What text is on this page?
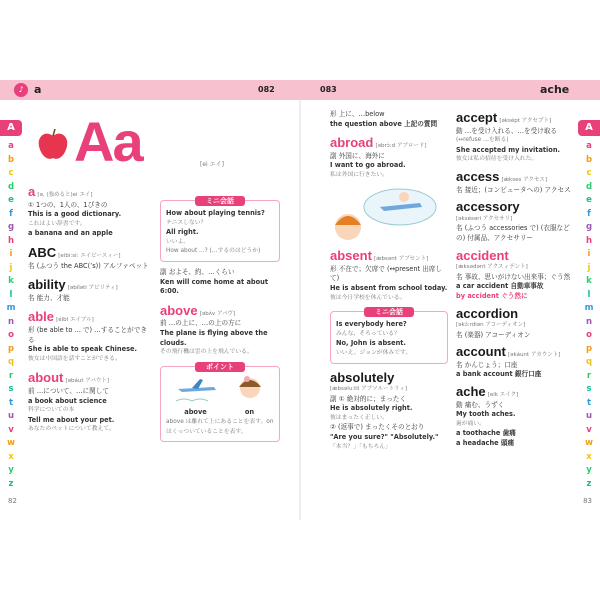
♪ a	082	083	ache
A	A
a
b
c
d
e
f
g
h
i
j
k
l
m
n
o
p
q
r
s
t
u
v
w
x
y
z
a
b
c
d
e
f
g
h
i
j
k
l
m
n
o
p
q
r
s
t
u
v
w
x
y
z
Aa	[ei エイ]
a [ə, (強めると)ei エイ]
① 1つの、1人の、1ぴきの
This is a good dictionary.
これはよい辞書です。
a banana and an apple
ABC [eibi:si: エイビースィー]
名 (ふつう the ABC(’s)) アルファベット
ability [əbíləti アビリティ]
名 能力、才能
able [éibl エイブル]
形 (be able to ... で) …することができる
She is able to speak Chinese.
彼女は中国語を話すことができる。
about [əbáut アバウト]
前 …について、…に関して
a book about science
科学についての本
Tell me about your pet.
あなたのペットについて教えて。
ミニ会話
How about playing tennis?
テニスしない？
All right.
いいよ。
How about ...? (…するのはどうか)
副 およそ、約、…くらい
Ken will come home at about 6:00.
above [əbʌ́v アバヴ]
前 …の上に、…の上の方に
The plane is flying above the clouds.
その飛行機は雲の上を飛んでいる。
ポイント
above	on
above は離れて上にあることを表す。on はくっついていることを表す。
形 上に、…below
the question above 上記の質問
abroad [əbrɔ́:d アブロード]
副 外国に、海外に
I want to go abroad.
私は外国に行きたい。
absent [ǽbsənt アブセント]
形 不在で；欠席で (↔present 出席して)
He is absent from school today.
彼は今日学校を休んでいる。
ミニ会話
Is everybody here?
みんな、そろっている？
No, John is absent.
いいえ、ジョンが休みです。
absolutely
[ǽbsəlu:tli アブソルートリィ]
副 ① 絶対的に；まったく
He is absolutely right.
彼はまったく正しい。
② (返事で) まったくそのとおり
"Are you sure?" "Absolutely."
「本当？」「もちろん」
accept [əksépt アクセプト]
動 …を受け入れる、…を受け取る
(↔refuse …を断る)
She accepted my invitation.
彼女は私の招待を受け入れた。
access [ǽkses アクセス]
名 接近；(コンピュータへの) アクセス
accessory
[əksésəri アクセサリ]
名 (ふつう accessories で) (衣服などの) 付属品、アクセサリー
accident
[ǽksədənt アクスィデント]
名 事故、思いがけない出来事；ぐう然
a car accident 自動車事故
by accident ぐう然に
accordion
[əkɔ́:rdiən アコーディオン]
名 (楽器) アコーディオン
account [əkáunt アカウント]
名 かんじょう；口座
a bank account 銀行口座
ache [eik エイク]
動 痛む、うずく
My tooth aches.
歯が痛い。
a toothache 歯痛
a headache 頭痛
82	83
